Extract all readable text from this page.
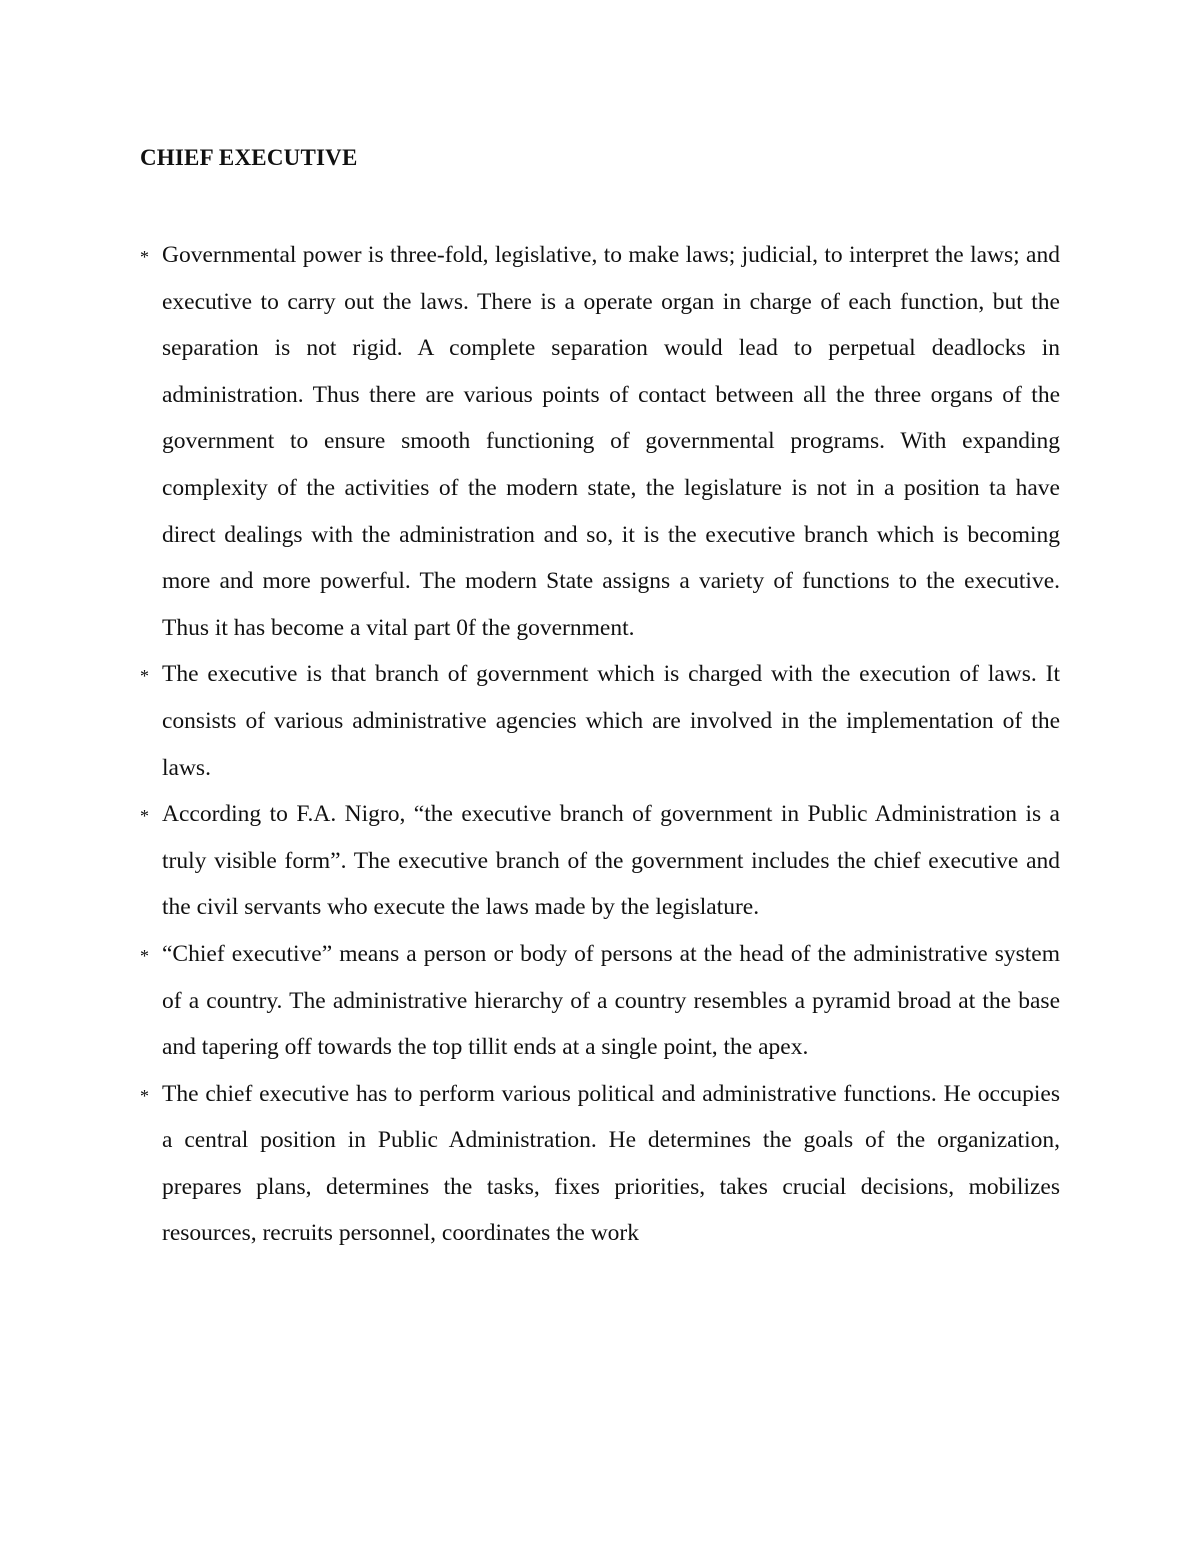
CHIEF EXECUTIVE
* Governmental power is three-fold, legislative, to make laws; judicial, to interpret the laws; and executive to carry out the laws. There is a operate organ in charge of each function, but the separation is not rigid. A complete separation would lead to perpetual deadlocks in administration. Thus there are various points of contact between all the three organs of the government to ensure smooth functioning of governmental programs. With expanding complexity of the activities of the modern state, the legislature is not in a position ta have direct dealings with the administration and so, it is the executive branch which is becoming more and more powerful. The modern State assigns a variety of functions to the executive. Thus it has become a vital part 0f the government.
* The executive is that branch of government which is charged with the execution of laws. It consists of various administrative agencies which are involved in the implementation of the laws.
* According to F.A. Nigro, “the executive branch of government in Public Administration is a truly visible form”. The executive branch of the government includes the chief executive and the civil servants who execute the laws made by the legislature.
* “Chief executive” means a person or body of persons at the head of the administrative system of a country. The administrative hierarchy of a country resembles a pyramid broad at the base and tapering off towards the top tillit ends at a single point, the apex.
* The chief executive has to perform various political and administrative functions. He occupies a central position in Public Administration. He determines the goals of the organization, prepares plans, determines the tasks, fixes priorities, takes crucial decisions, mobilizes resources, recruits personnel, coordinates the work
